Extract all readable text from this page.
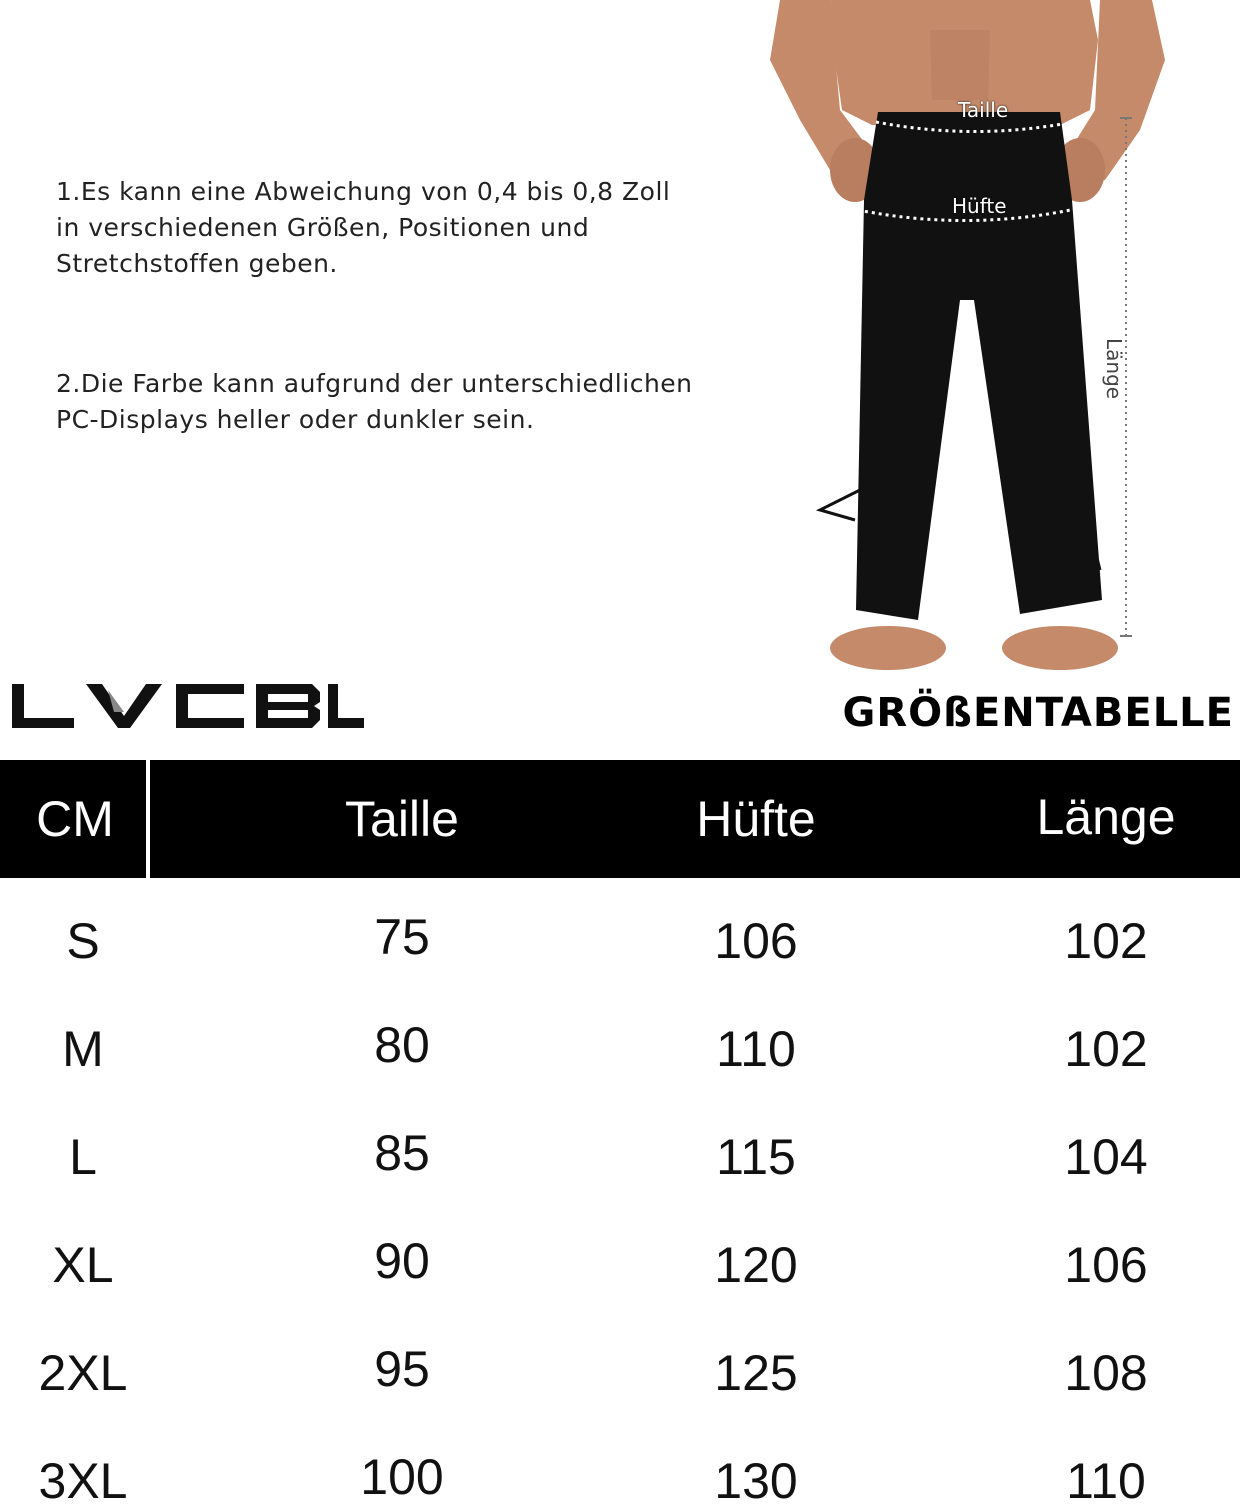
1.Es kann eine Abweichung von 0,4 bis 0,8 Zoll in verschiedenen Größen, Positionen und Stretchstoffen geben.
2.Die Farbe kann aufgrund der unterschiedlichen PC-Displays heller oder dunkler sein.
Taille
Hüfte
Länge
GRÖßENTABELLE
CM	Taille	Hüfte	Länge
S	75	106	102
M	80	110	102
L	85	115	104
XL	90	120	106
2XL	95	125	108
3XL	100	130	110
